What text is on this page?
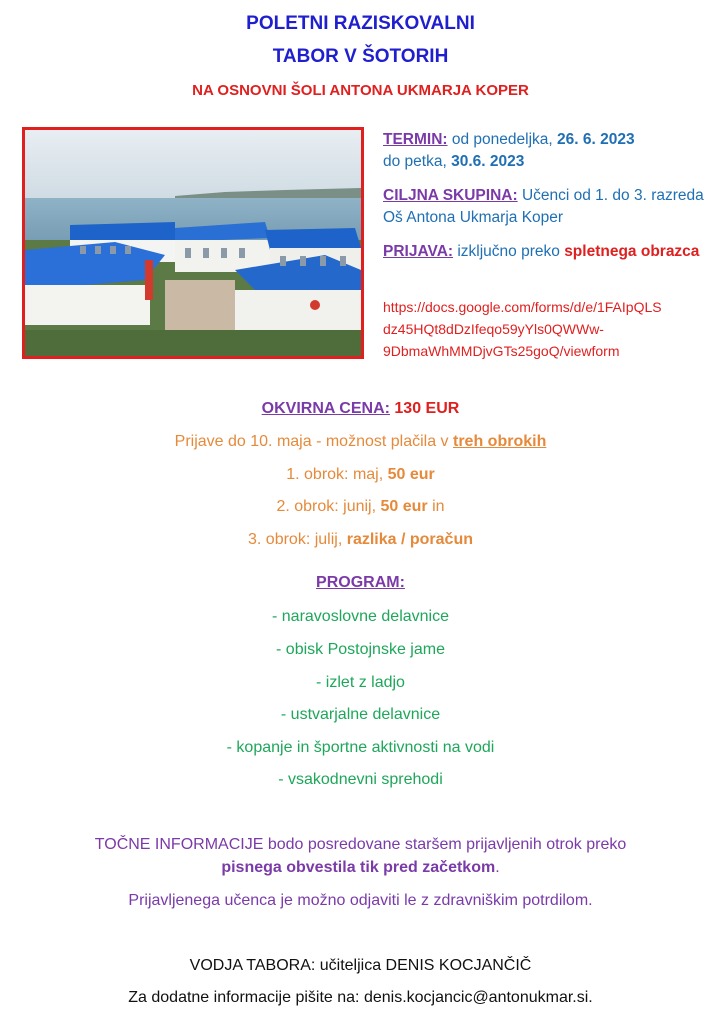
POLETNI RAZISKOVALNI
TABOR V ŠOTORIH
NA OSNOVNI ŠOLI ANTONA UKMARJA KOPER
TERMIN: od ponedeljka, 26. 6. 2023
do petka, 30.6. 2023
CILJNA SKUPINA: Učenci od 1. do 3. razreda Oš Antona Ukmarja Koper
PRIJAVA: izključno preko spletnega obrazca
https://docs.google.com/forms/d/e/1FAIpQLS
dz45HQt8dDzIfeqo59yYls0QWWw-
9DbmaWhMMDjvGTs25goQ/viewform
OKVIRNA CENA: 130 EUR
Prijave do 10. maja - možnost plačila v treh obrokih
1. obrok: maj, 50 eur
2. obrok: junij, 50 eur in
3. obrok: julij, razlika / poračun
PROGRAM:
- naravoslovne delavnice
- obisk Postojnske jame
- izlet z ladjo
- ustvarjalne delavnice
- kopanje in športne aktivnosti na vodi
- vsakodnevni sprehodi
TOČNE INFORMACIJE bodo posredovane staršem prijavljenih otrok preko
pisnega obvestila tik pred začetkom.
Prijavljenega učenca je možno odjaviti le z zdravniškim potrdilom.
VODJA TABORA: učiteljica DENIS KOCJANČIČ
Za dodatne informacije pišite na: denis.kocjancic@antonukmar.si.
